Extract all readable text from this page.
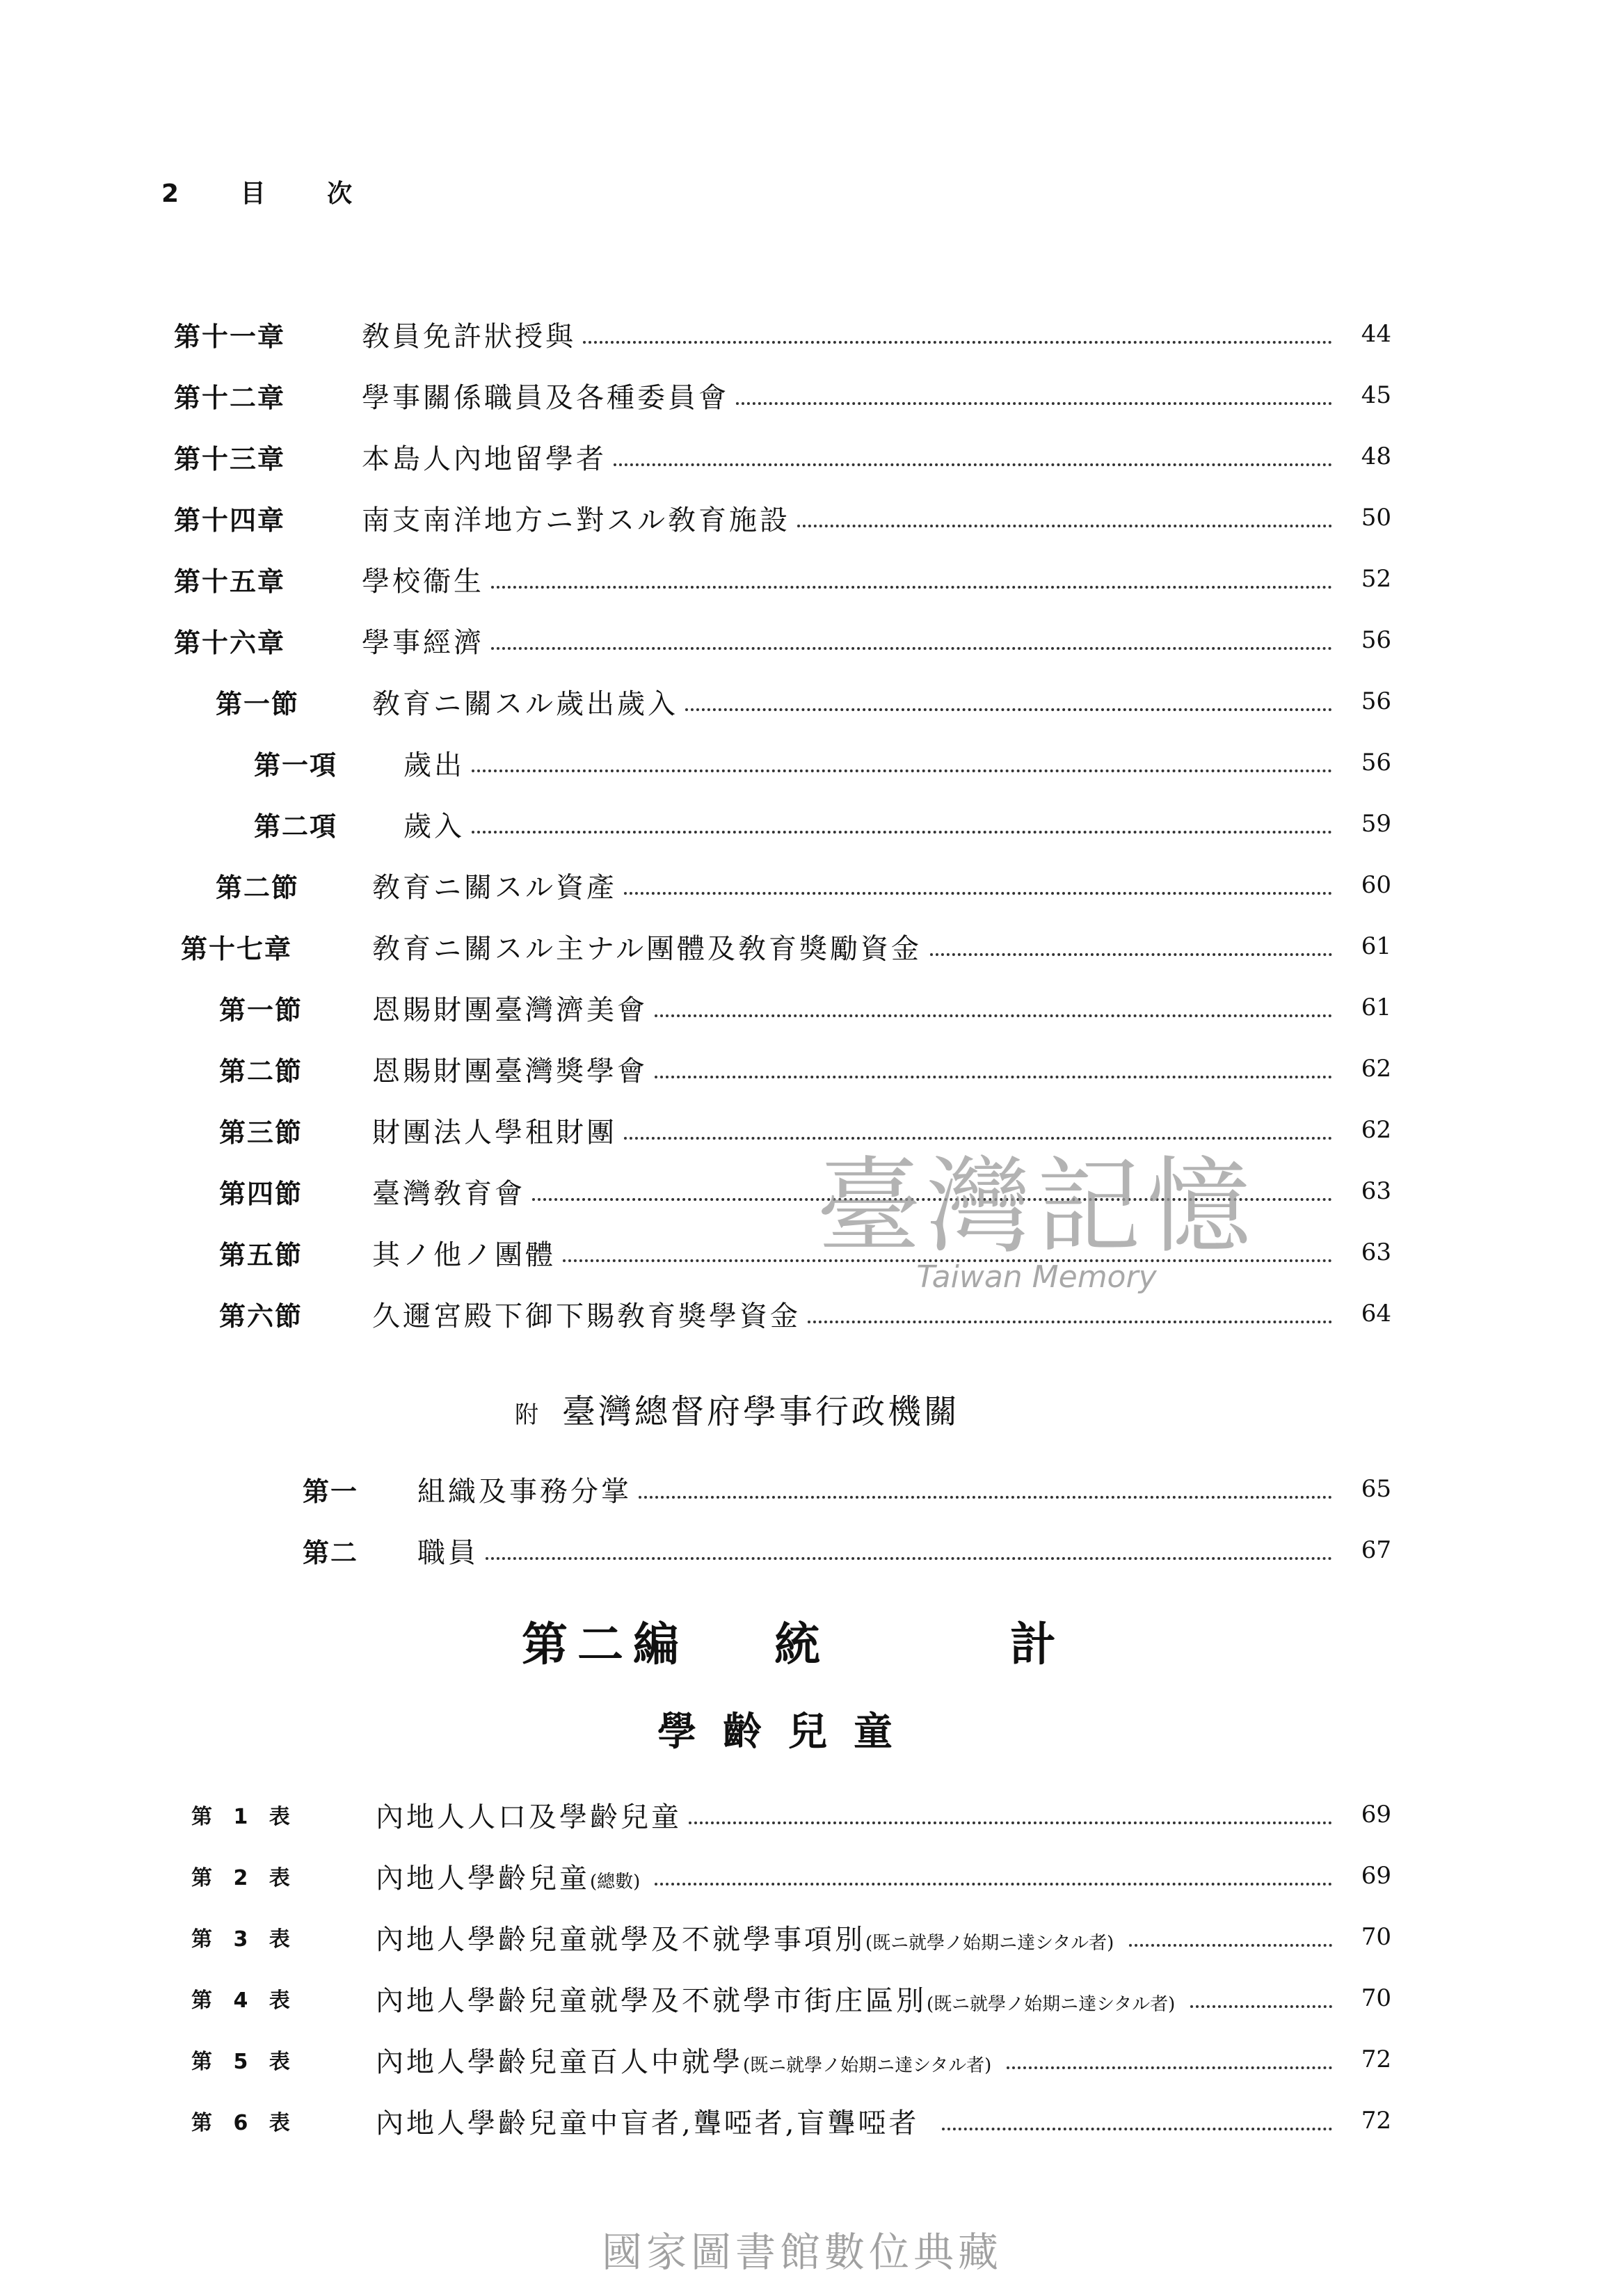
2 目 次
第十一章	敎員免許狀授與	44
第十二章	學事關係職員及各種委員會	45
第十三章	本島人內地留學者	48
第十四章	南支南洋地方ニ對スル敎育施設	50
第十五章	學校衞生	52
第十六章	學事經濟	56
第一節	敎育ニ關スル歲出歲入	56
第一項 歲出	56
第二項 歲入	59
第二節	敎育ニ關スル資產	60
第十七章	敎育ニ關スル主ナル團體及敎育獎勵資金	61
第一節 恩賜財團臺灣濟美會	61
第二節 恩賜財團臺灣獎學會	62
第三節 財團法人學租財團	62
第四節 臺灣敎育會	63
第五節 其ノ他ノ團體	63
第六節 久邇宮殿下御下賜敎育獎學資金	64
附 臺灣總督府學事行政機關
第一 組織及事務分掌	65
第二 職員	67
第二編 統	計
學齡兒童
第 1 表	內地人人口及學齡兒童	69
第 2 表	內地人學齡兒童(總數)	69
第 3 表	內地人學齡兒童就學及不就學事項別(既ニ就學ノ始期ニ達シタル者)	70
第 4 表	內地人學齡兒童就學及不就學市街庄區別(既ニ就學ノ始期ニ達シタル者)	70
第 5 表	內地人學齡兒童百人中就學(既ニ就學ノ始期ニ達シタル者)	72
第 6 表	內地人學齡兒童中盲者,聾啞者,盲聾啞者	72
臺灣記憶
Taiwan Memory
國家圖書館數位典藏
